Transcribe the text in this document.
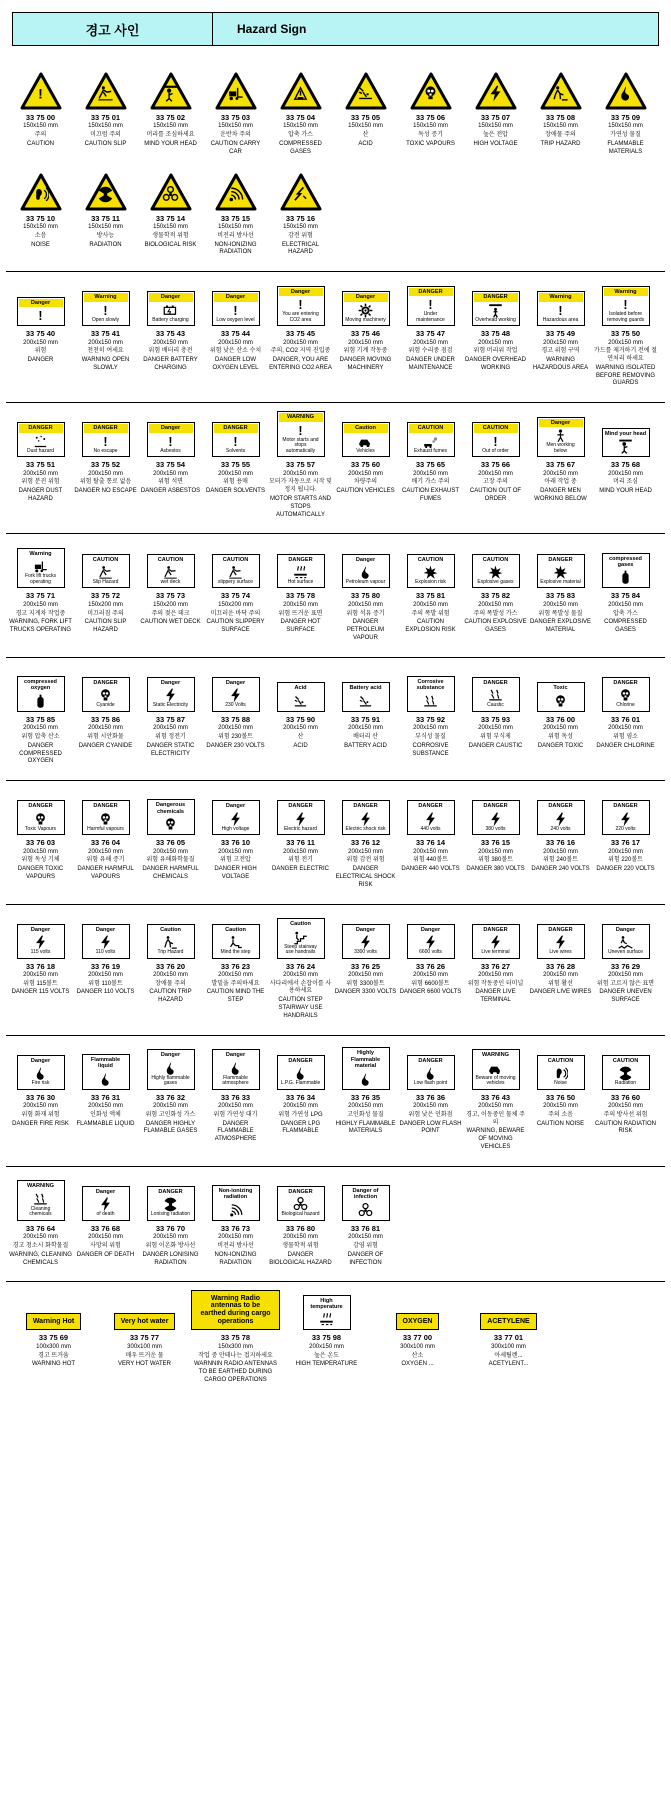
경고 사인	Hazard Sign
!
33 75 00
150x150 mm
주의
CAUTION
33 75 01
150x150 mm
미끄럼 주의
CAUTION SLIP
33 75 02
150x150 mm
머리를 조심하세요
MIND YOUR HEAD
33 75 03
150x150 mm
운반차 주의
CAUTION CARRY CAR
33 75 04
150x150 mm
압축 가스
COMPRESSED GASES
33 75 05
150x150 mm
산
ACID
33 75 06
150x150 mm
독성 증기
TOXIC VAPOURS
33 75 07
150x150 mm
높은 전압
HIGH VOLTAGE
33 75 08
150x150 mm
장애물 주의
TRIP HAZARD
33 75 09
150x150 mm
가연성 물질
FLAMMABLE MATERIALS
33 75 10
150x150 mm
소음
NOISE
33 75 11
150x150 mm
방사능
RADIATION
33 75 14
150x150 mm
생물학적 위험
BIOLOGICAL RISK
33 75 15
150x150 mm
비전리 방사선
NON-IONIZING RADIATION
33 75 16
150x150 mm
감전 위험
ELECTRICAL HAZARD
Danger
!
33 75 40
200x150 mm
위험
DANGER
Warning
!
Open slowly
33 75 41
200x150 mm
천천히 여세요
WARNING OPEN SLOWLY
Danger
Battery charging
33 75 43
200x150 mm
위험 배터리 충전
DANGER BATTERY CHARGING
Danger
!
Low oxygen level
33 75 44
200x150 mm
위험 낮은 산소 수치
DANGER LOW OXYGEN LEVEL
Danger
!
You are entering CO2 area
33 75 45
200x150 mm
주의, CO2 지역 진입중
DANGER, YOU ARE ENTERING CO2 AREA
Danger
Moving machinery
33 75 46
200x150 mm
위험 기계 작동중
DANGER MOVING MACHINERY
DANGER
!
Under maintenance
33 75 47
200x150 mm
위험 수리중 점검
DANGER UNDER MAINTENANCE
DANGER
Overhead working
33 75 48
200x150 mm
위험 머리위 작업
DANGER OVERHEAD WORKING
Warning
!
Hazardous area
33 75 49
200x150 mm
경고 위험 구역
WARNING HAZARDOUS AREA
Warning
!
Isolated before removing guards
33 75 50
200x150 mm
가드를 제거하기 전에 절연처리 하세요
WARNING ISOLATED BEFORE REMOVING GUARDS
DANGER
Dust hazard
33 75 51
200x150 mm
위험 분진 위험
DANGER DUST HAZARD
DANGER
!
No escape
33 75 52
200x150 mm
위험 탈출 통로 없음
DANGER NO ESCAPE
Danger
!
Asbestos
33 75 54
200x150 mm
위험 석면
DANGER ASBESTOS
DANGER
!
Solvents
33 75 55
200x150 mm
위험 용매
DANGER SOLVENTS
WARNING
!
Motor starts and stops automatically
33 75 57
200x150 mm
모터가 자동으로 시작 및 정지 됩니다.
MOTOR STARTS AND STOPS AUTOMATICALLY
Caution
Vehicles
33 75 60
200x150 mm
차량주의
CAUTION VEHICLES
CAUTION
Exhaust fumes
33 75 65
200x150 mm
배기 가스 주의
CAUTION EXHAUST FUMES
CAUTION
!
Out of order
33 75 66
200x150 mm
고장 주의
CAUTION OUT OF ORDER
Danger
Men working below
33 75 67
200x150 mm
아래 작업 중
DANGER MEN WORKING BELOW
Mind your head
33 75 68
200x150 mm
머리 조심
MIND YOUR HEAD
Warning
Fork lift trucks operating
33 75 71
200x150 mm
경고 지게차 작업중
WARNING, FORK LIFT TRUCKS OPERATING
CAUTION
Slip Hazard
33 75 72
150x200 mm
미끄러짐 주의
CAUTION SLIP HAZARD
CAUTION
wet deck
33 75 73
150x200 mm
주의 젖은 데크
CAUTION WET DECK
CAUTION
slippery surface
33 75 74
150x200 mm
미끄러운 바닥 주의
CAUTION SLIPPERY SURFACE
DANGER
Hot surface
33 75 78
200x150 mm
위험 뜨거운 표면
DANGER HOT SURFACE
Danger
Petroleum vapour
33 75 80
200x150 mm
위험 석유 증기
DANGER PETROLEUM VAPOUR
CAUTION
Explosion risk
33 75 81
200x150 mm
주의 폭발 위험
CAUTION EXPLOSION RISK
CAUTION
Explosive gases
33 75 82
200x150 mm
주의 폭발성 가스
CAUTION EXPLOSIVE GASES
DANGER
Explosive material
33 75 83
200x150 mm
위험 폭발성 물질
DANGER EXPLOSIVE MATERIAL
compressed gases
33 75 84
200x150 mm
압축 가스
COMPRESSED GASES
compressed oxygen
33 75 85
200x150 mm
위험 압축 산소
DANGER COMPRESSED OXYGEN
DANGER
Cyanide
33 75 86
200x150 mm
위험 시안화물
DANGER CYANIDE
Danger
Static Electricity
33 75 87
200x150 mm
위험 정전기
DANGER STATIC ELECTRICITY
Danger
230 Volts
33 75 88
200x150 mm
위험 230볼트
DANGER 230 VOLTS
Acid
33 75 90
200x150 mm
산
ACID
Battery acid
33 75 91
200x150 mm
배터리 산
BATTERY ACID
Corrosive substance
33 75 92
200x150 mm
부식성 물질
CORROSIVE SUBSTANCE
DANGER
Caustic
33 75 93
200x150 mm
위험 부식제
DANGER CAUSTIC
Toxic
33 76 00
200x150 mm
위험 독성
DANGER TOXIC
DANGER
Chlorine
33 76 01
200x150 mm
위험 염소
DANGER CHLORINE
DANGER
Toxic Vapours
33 76 03
200x150 mm
위험 독성 기체
DANGER TOXIC VAPOURS
DANGER
Harmful vapours
33 76 04
200x150 mm
위험 유해 증기
DANGER HARMFUL VAPOURS
Dangerous chemicals
33 76 05
200x150 mm
위험 유해화학물질
DANGER HARMFUL CHEMICALS
Danger
High voltage
33 76 10
200x150 mm
위험 고전압
DANGER HIGH VOLTAGE
DANGER
Electric hazard
33 76 11
200x150 mm
위험 전기
DANGER ELECTRIC
DANGER
Electric shock risk
33 76 12
200x150 mm
위험 감전 위험
DANGER ELECTRICAL SHOCK RISK
DANGER
440 volts
33 76 14
200x150 mm
위험 440볼트
DANGER 440 VOLTS
DANGER
380 volts
33 76 15
200x150 mm
위험 380볼트
DANGER 380 VOLTS
DANGER
240 volts
33 76 16
200x150 mm
위험 240볼트
DANGER 240 VOLTS
DANGER
220 volts
33 76 17
200x150 mm
위험 220볼트
DANGER 220 VOLTS
Danger
115 volts
33 76 18
200x150 mm
위험 115볼트
DANGER 115 VOLTS
Danger
110 volts
33 76 19
200x150 mm
위험 110볼트
DANGER 110 VOLTS
Caution
Trip Hazard
33 76 20
200x150 mm
장애물 주의
CAUTION TRIP HAZARD
Caution
Mind the step
33 76 23
200x150 mm
발밑을 주의하세요
CAUTION MIND THE STEP
Caution
Steep stairway use handrails
33 76 24
200x150 mm
사다리에서 손잡이를 사용하세요
CAUTION STEP STAIRWAY USE HANDRAILS
Danger
3300 volts
33 76 25
200x150 mm
위험 3300볼트
DANGER 3300 VOLTS
Danger
6600 volts
33 76 26
200x150 mm
위험 6600볼트
DANGER 6600 VOLTS
DANGER
Live terminal
33 76 27
200x150 mm
위험 작동중인 터미널
DANGER LIVE TERMINAL
DANGER
Live wires
33 76 28
200x150 mm
위험 활선
DANGER LIVE WIRES
Danger
Uneven surface
33 76 29
200x150 mm
위험 고르지 않은 표면
DANGER UNEVEN SURFACE
Danger
Fire risk
33 76 30
200x150 mm
위험 화재 위험
DANGER FIRE RISK
Flammable liquid
33 76 31
200x150 mm
인화성 액체
FLAMMABLE LIQUID
Danger
Highly flammable gases
33 76 32
200x150 mm
위험 고인화성 가스
DANGER HIGHLY FLAMABLE GASES
Danger
Flammable atmosphere
33 76 33
200x150 mm
위험 가연성 대기
DANGER FLAMMABLE ATMOSPHERE
DANGER
L.P.G. Flammable
33 76 34
200x150 mm
위험 가연성 LPG
DANGER LPG FLAMMABLE
Highly Flammable material
33 76 35
200x150 mm
고인화성 물질
HIGHLY FLAMMABLE MATERIALS
DANGER
Low flash point
33 76 36
200x150 mm
위험 낮은 인화점
DANGER LOW FLASH POINT
WARNING
Beware of moving vehicles
33 76 43
200x150 mm
경고, 이동중인 물체 주의
WARNING, BEWARE OF MOVING VEHICLES
CAUTION
Noise
33 76 50
200x150 mm
주의 소음
CAUTION NOISE
CAUTION
Radiation
33 76 60
200x150 mm
주의 방사선 위험
CAUTION RADIATION RISK
WARNING
Cleaning chemicals
33 76 64
200x150 mm
경고 청소시 화학물질
WARNING, CLEANING CHEMICALS
Danger
of death
33 76 68
200x150 mm
사망의 위험
DANGER OF DEATH
DANGER
Lonising radiation
33 76 70
200x150 mm
위험 이온화 방사선
DANGER LONISING RADIATION
Non-ionizing radiation
33 76 73
200x150 mm
비전리 방사선
NON-IONIZING RADIATION
DANGER
Biological hazard
33 76 80
200x150 mm
생물학적 위험
DANGER BIOLOGICAL HAZARD
Danger of infection
33 76 81
200x150 mm
감염 위험
DANGER OF INFECTION
Warning Hot
33 75 69
100x300 mm
경고 뜨거움
WARNING HOT
Very hot water
33 75 77
300x100 mm
매우 뜨거운 물
VERY HOT WATER
Warning Radio antennas to be earthed during cargo operations
33 75 78
150x300 mm
작업 중 안테나는 접지하세요
WARNNIN RADIO ANTENNAS TO BE EARTHED DURING CARGO OPERATIONS
High temperature
33 75 98
200x150 mm
높은 온도
HIGH TEMPERATURE
OXYGEN
33 77 00
300x100 mm
산소
OXYGEN ...
ACETYLENE
33 77 01
300x100 mm
아세틸렌...
ACETYLENT...
